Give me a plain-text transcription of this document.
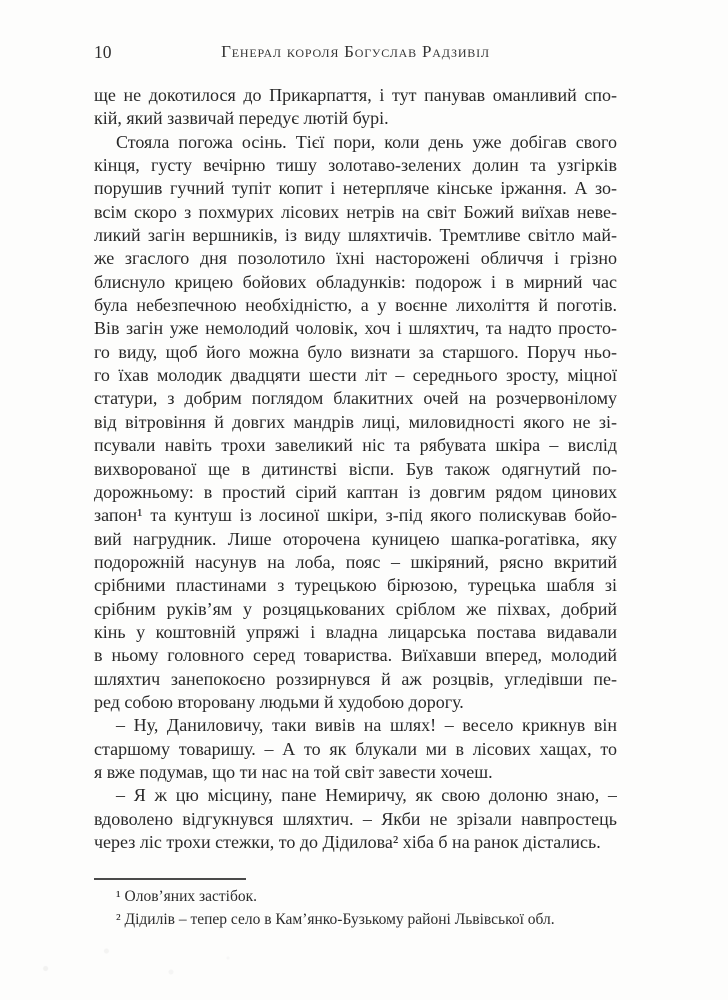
10	Генерал короля Богуслав Радзивіл
ще не докотилося до Прикарпаття, і тут панував оманливий спо-
кій, який зазвичай передує лютій бурі.
Стояла погожа осінь. Тієї пори, коли день уже добігав свого
кінця, густу вечірню тишу золотаво-зелених долин та узгірків
порушив гучний тупіт копит і нетерпляче кінське іржання. А зо-
всім скоро з похмурих лісових нетрів на світ Божий виїхав неве-
ликий загін вершників, із виду шляхтичів. Тремтливе світло май-
же згаслого дня позолотило їхні насторожені обличчя і грізно
блиснуло крицею бойових обладунків: подорож і в мирний час
була небезпечною необхідністю, а у воєнне лихоліття й поготів.
Вів загін уже немолодий чоловік, хоч і шляхтич, та надто просто-
го виду, щоб його можна було визнати за старшого. Поруч ньо-
го їхав молодик двадцяти шести літ – середнього зросту, міцної
статури, з добрим поглядом блакитних очей на розчервонілому
від вітровіння й довгих мандрів лиці, миловидності якого не зі-
псували навіть трохи завеликий ніс та рябувата шкіра – вислід
вихворованої ще в дитинстві віспи. Був також одягнутий по-
дорожньому: в простий сірий каптан із довгим рядом цинових
запон¹ та кунтуш із лосиної шкіри, з-під якого полискував бойо-
вий нагрудник. Лише оторочена куницею шапка-рогатівка, яку
подорожній насунув на лоба, пояс – шкіряний, рясно вкритий
срібними пластинами з турецькою бірюзою, турецька шабля зі
срібним руків’ям у розцяцькованих сріблом же піхвах, добрий
кінь у коштовній упряжі і владна лицарська постава видавали
в ньому головного серед товариства. Виїхавши вперед, молодий
шляхтич занепокоєно роззирнувся й аж розцвів, угледівши пе-
ред собою второвану людьми й худобою дорогу.
– Ну, Даниловичу, таки вивів на шлях! – весело крикнув він
старшому товаришу. – А то як блукали ми в лісових хащах, то
я вже подумав, що ти нас на той світ завести хочеш.
– Я ж цю місцину, пане Немиричу, як свою долоню знаю, –
вдоволено відгукнувся шляхтич. – Якби не зрізали навпростець
через ліс трохи стежки, то до Дідилова² хіба б на ранок дістались.
¹ Олов’яних застібок.
² Дідилів – тепер село в Кам’янко-Бузькому районі Львівської обл.
